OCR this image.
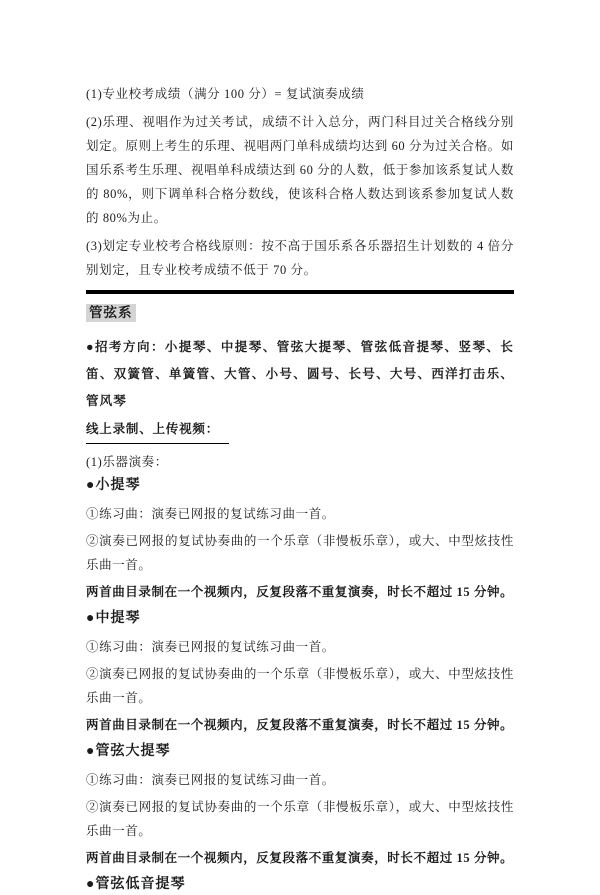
(1)专业校考成绩（满分 100 分）= 复试演奏成绩

(2)乐理、视唱作为过关考试，成绩不计入总分，两门科目过关合格线分别划定。原则上考生的乐理、视唱两门单科成绩均达到 60 分为过关合格。如国乐系考生乐理、视唱单科成绩达到 60 分的人数，低于参加该系复试人数的 80%，则下调单科合格分数线，使该科合格人数达到该系参加复试人数的 80%为止。

(3)划定专业校考合格线原则：按不高于国乐系各乐器招生计划数的 4 倍分别划定，且专业校考成绩不低于 70 分。

管弦系

●招考方向：小提琴、中提琴、管弦大提琴、管弦低音提琴、竖琴、长笛、双簧管、单簧管、大管、小号、圆号、长号、大号、西洋打击乐、管风琴

线上录制、上传视频：

(1)乐器演奏：

●小提琴

①练习曲：演奏已网报的复试练习曲一首。

②演奏已网报的复试协奏曲的一个乐章（非慢板乐章），或大、中型炫技性乐曲一首。

两首曲目录制在一个视频内，反复段落不重复演奏，时长不超过 15 分钟。

●中提琴

①练习曲：演奏已网报的复试练习曲一首。

②演奏已网报的复试协奏曲的一个乐章（非慢板乐章），或大、中型炫技性乐曲一首。

两首曲目录制在一个视频内，反复段落不重复演奏，时长不超过 15 分钟。

●管弦大提琴

①练习曲：演奏已网报的复试练习曲一首。

②演奏已网报的复试协奏曲的一个乐章（非慢板乐章），或大、中型炫技性乐曲一首。

两首曲目录制在一个视频内，反复段落不重复演奏，时长不超过 15 分钟。

●管弦低音提琴
